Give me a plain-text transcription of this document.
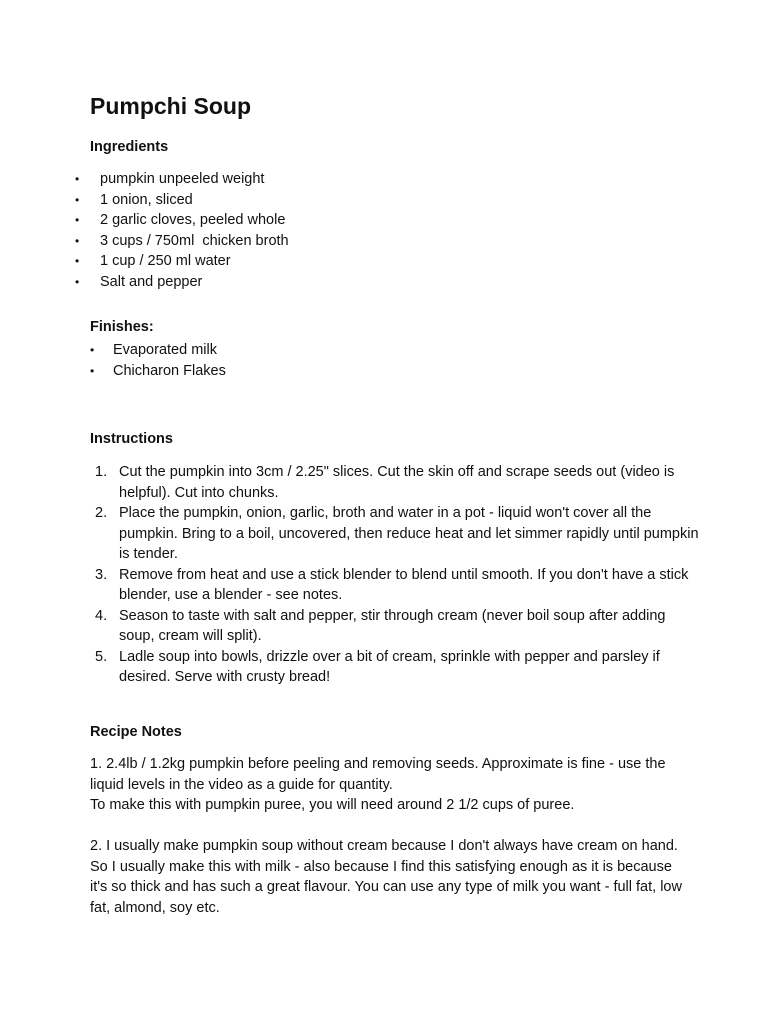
Pumpchi Soup
Ingredients
• pumpkin unpeeled weight
• 1 onion, sliced
• 2 garlic cloves, peeled whole
• 3 cups / 750ml  chicken broth
• 1 cup / 250 ml water
• Salt and pepper
Finishes:
• Evaporated milk
• Chicharon Flakes
Instructions
1. Cut the pumpkin into 3cm / 2.25" slices. Cut the skin off and scrape seeds out (video is helpful). Cut into chunks.
2. Place the pumpkin, onion, garlic, broth and water in a pot - liquid won't cover all the pumpkin. Bring to a boil, uncovered, then reduce heat and let simmer rapidly until pumpkin is tender.
3. Remove from heat and use a stick blender to blend until smooth. If you don't have a stick blender, use a blender - see notes.
4. Season to taste with salt and pepper, stir through cream (never boil soup after adding soup, cream will split).
5. Ladle soup into bowls, drizzle over a bit of cream, sprinkle with pepper and parsley if desired. Serve with crusty bread!
Recipe Notes

1. 2.4lb / 1.2kg pumpkin before peeling and removing seeds. Approximate is fine - use the liquid levels in the video as a guide for quantity.

To make this with pumpkin puree, you will need around 2 1/2 cups of puree.

2. I usually make pumpkin soup without cream because I don't always have cream on hand. So I usually make this with milk - also because I find this satisfying enough as it is because it's so thick and has such a great flavour. You can use any type of milk you want - full fat, low fat, almond, soy etc.
